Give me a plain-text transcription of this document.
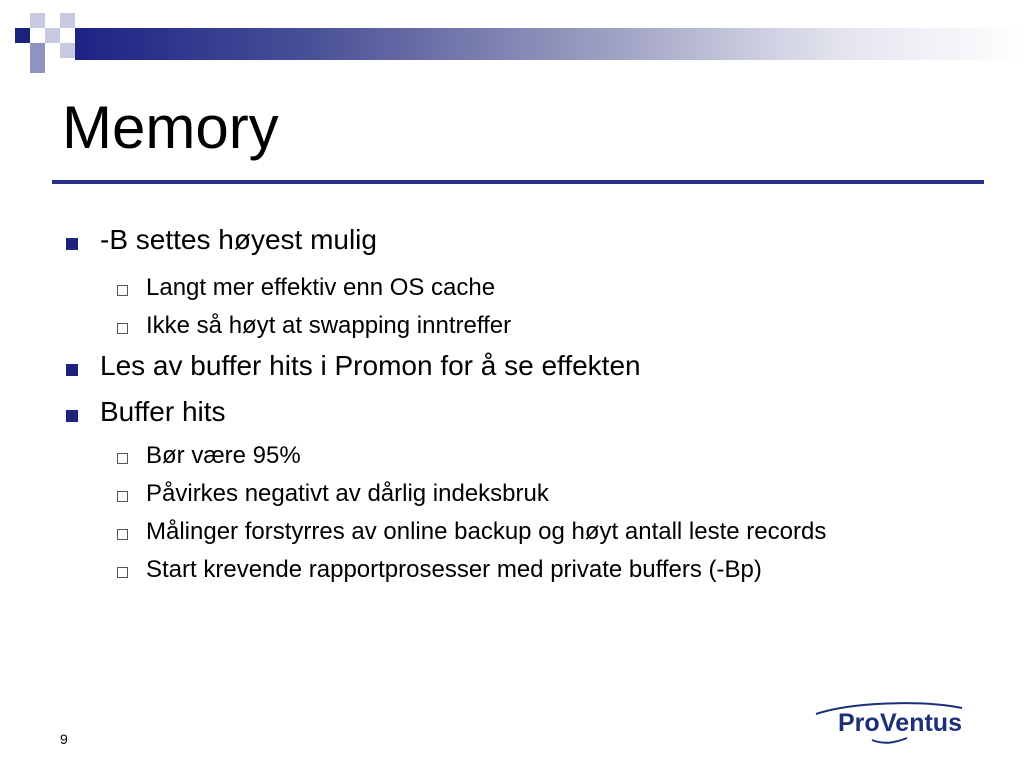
Memory
-B settes høyest mulig
Langt mer effektiv enn OS cache
Ikke så høyt at swapping inntreffer
Les av buffer hits i Promon for å se effekten
Buffer hits
Bør være 95%
Påvirkes negativt av dårlig indeksbruk
Målinger forstyrres av online backup og høyt antall leste records
Start krevende rapportprosesser med private buffers (-Bp)
9
Pro Ventus
